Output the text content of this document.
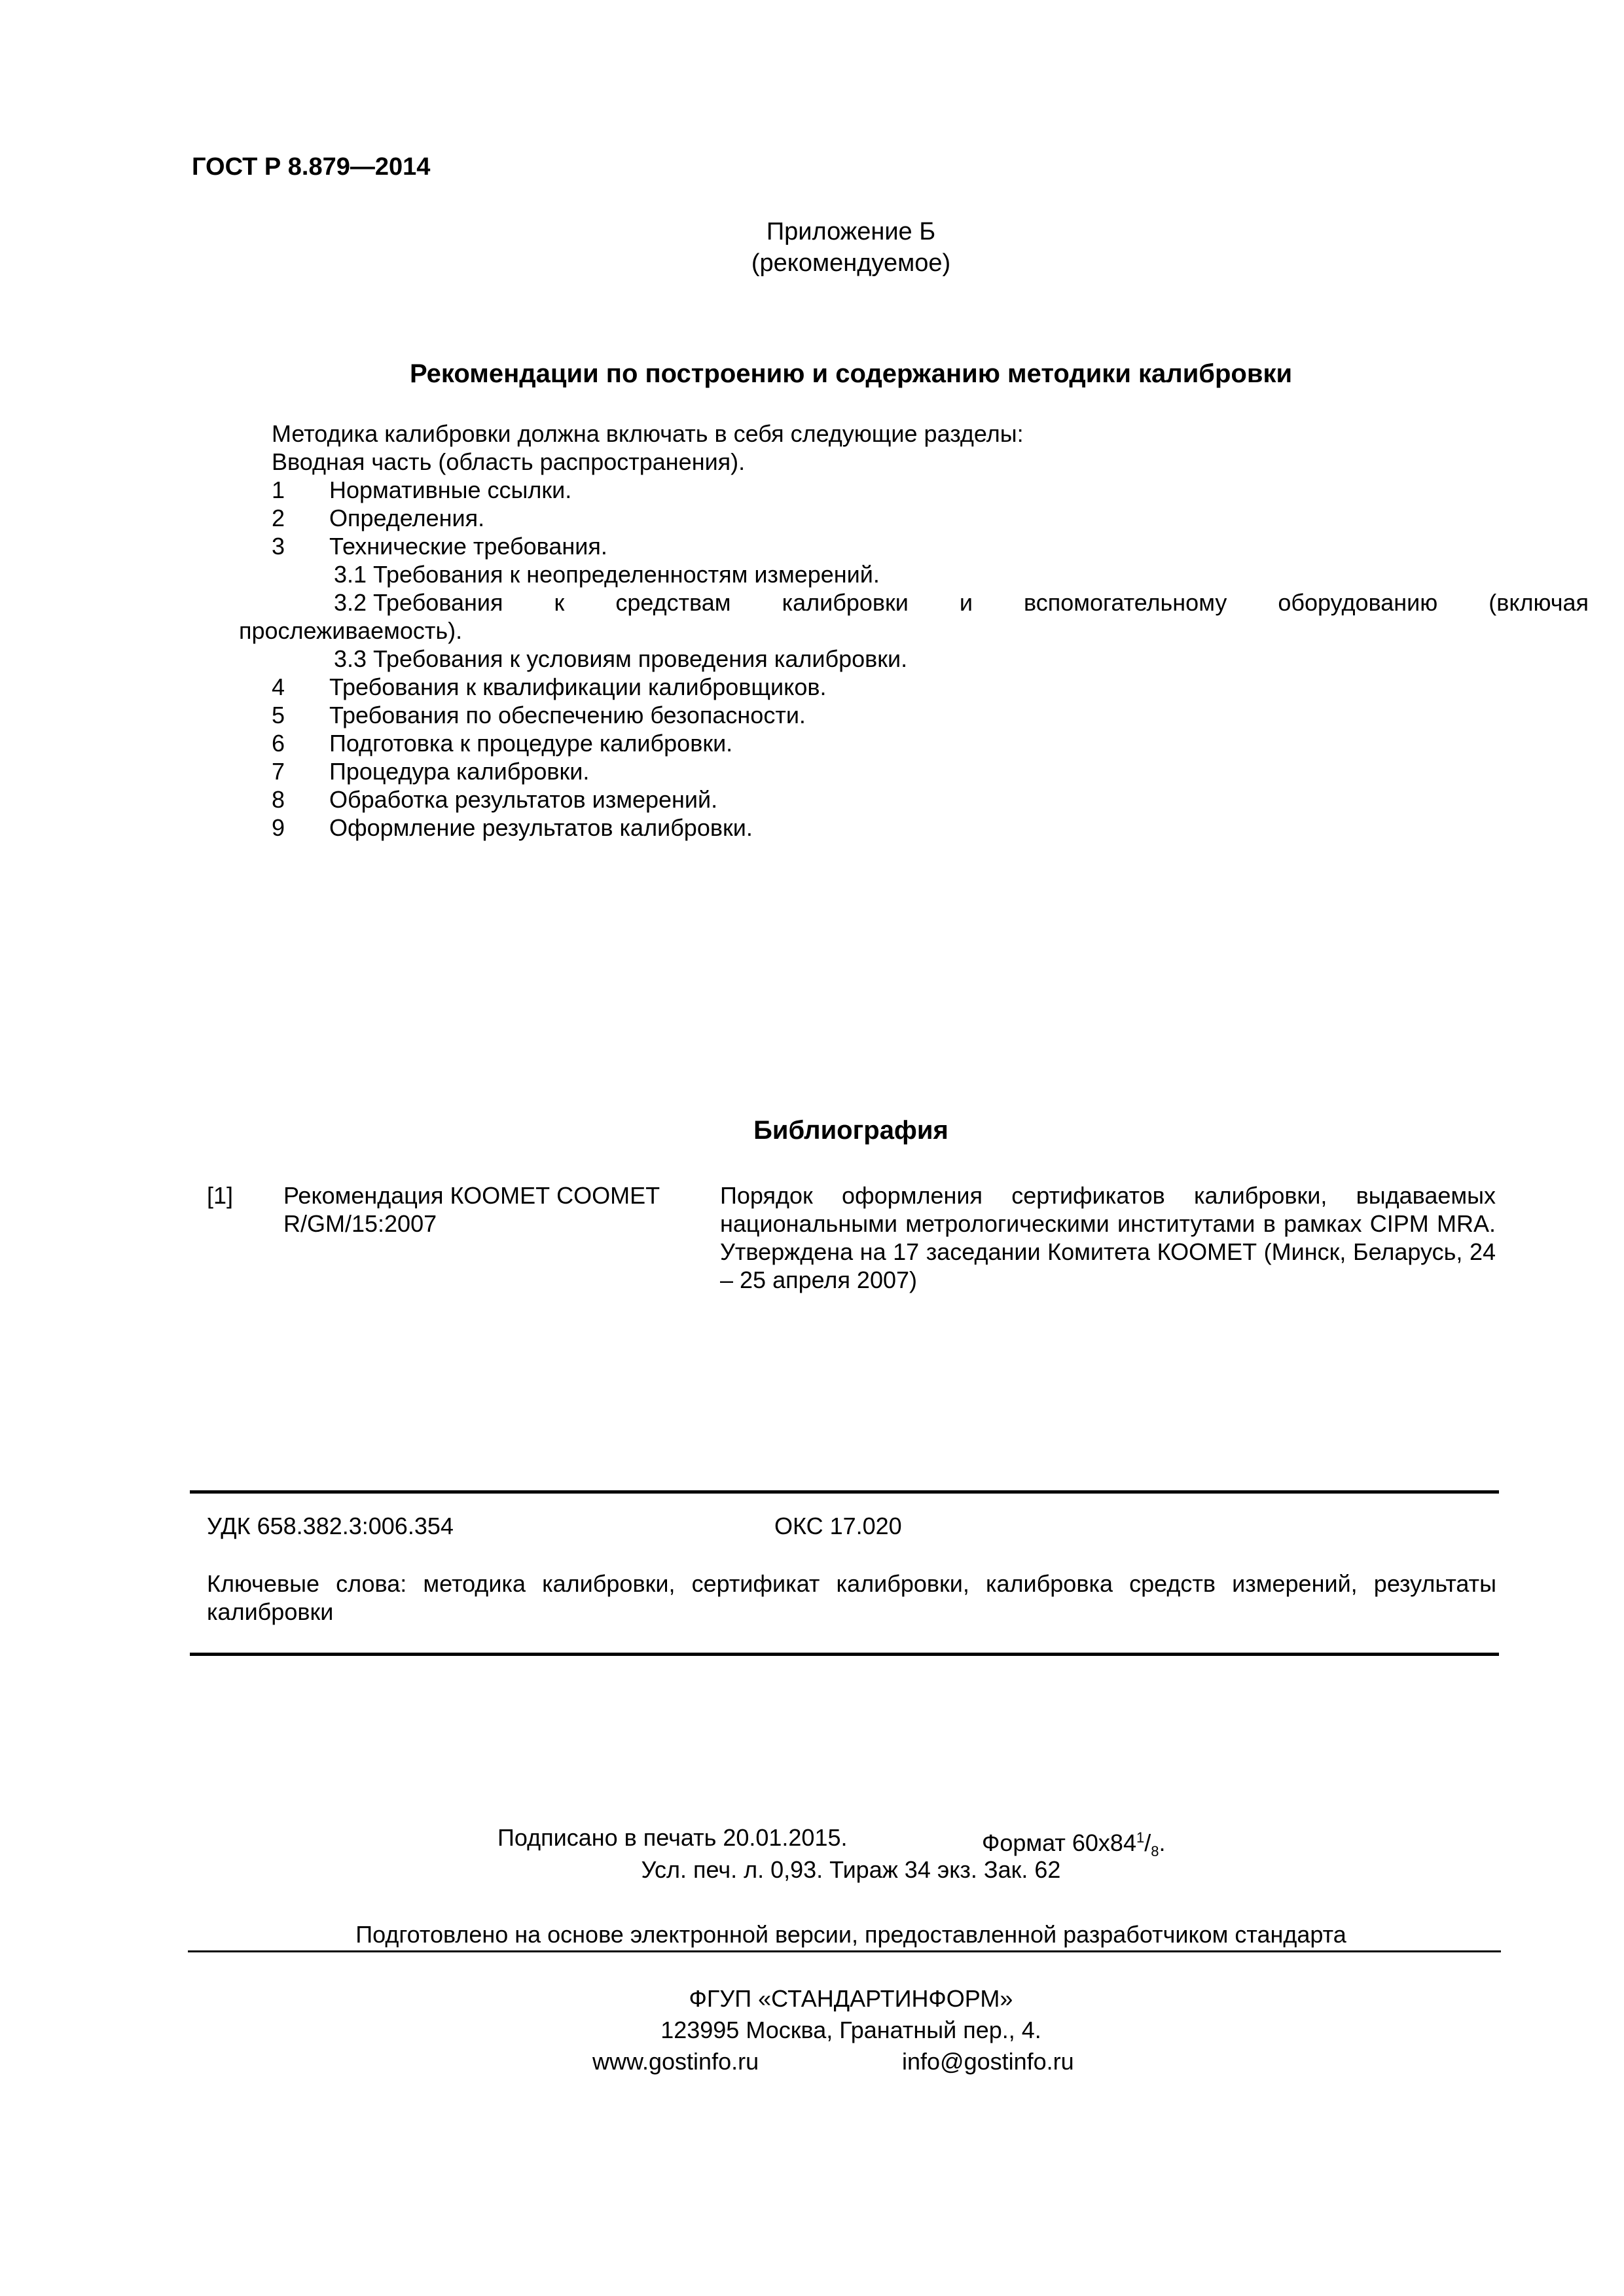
ГОСТ Р 8.879—2014
Приложение Б
(рекомендуемое)
Рекомендации по построению и содержанию методики калибровки
Методика калибровки должна включать в себя следующие разделы:
Вводная часть (область распространения).
1 Нормативные ссылки.
2 Определения.
3 Технические требования.
3.1 Требования к неопределенностям измерений.
3.2 Требования к средствам калибровки и вспомогательному оборудованию (включая
прослеживаемость).
3.3 Требования к условиям проведения калибровки.
4 Требования к квалификации калибровщиков.
5 Требования по обеспечению безопасности.
6 Подготовка к процедуре калибровки.
7 Процедура калибровки.
8 Обработка результатов измерений.
9 Оформление результатов калибровки.
Библиография
[1] Рекомендация КООМЕТ COOMET R/GM/15:2007
Порядок оформления сертификатов калибровки, выдаваемых национальными метрологическими институтами в рамках CIPM MRA. Утверждена на 17 заседании Комитета КООМЕТ (Минск, Беларусь, 24 – 25 апреля 2007)
УДК 658.382.3:006.354	ОКС 17.020
Ключевые слова: методика калибровки, сертификат калибровки, калибровка средств измерений, результаты калибровки
Подписано в печать 20.01.2015.	Формат $60х84^1/_8$.
Усл. печ. л. 0,93. Тираж 34 экз. Зак. 62
Подготовлено на основе электронной версии, предоставленной разработчиком стандарта
ФГУП «СТАНДАРТИНФОРМ»
123995 Москва, Гранатный пер., 4.
www.gostinfo.ru	info@gostinfo.ru
